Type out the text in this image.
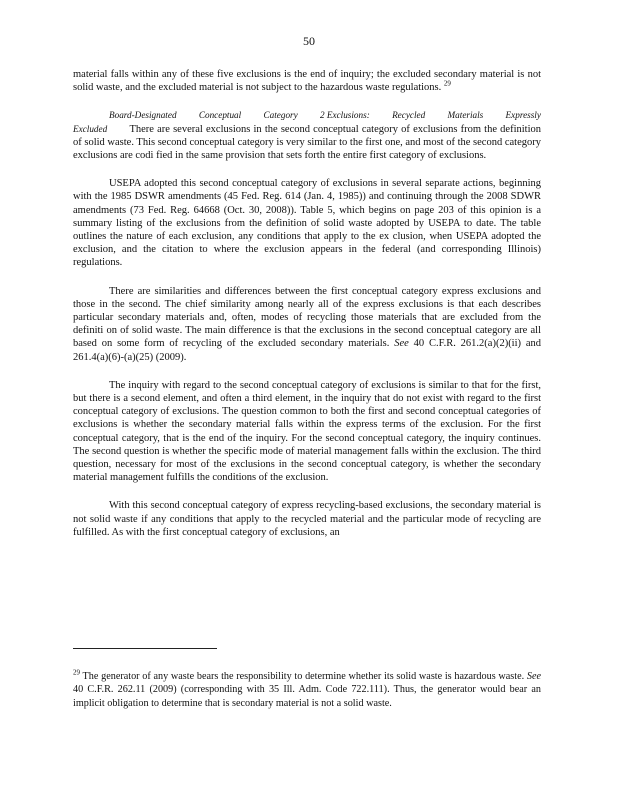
50

material falls within any of these five exclusions is the end of inquiry; the excluded secondary material is not solid waste, and the excluded material is not subject to the hazardous waste regulations. $^{29}$

Board-Designated Conceptual Category 2 Exclusions: Recycled Materials Expressly

Excluded There are several exclusions in the second conceptual category of exclusions from the definition of solid waste. This second conceptual category is very similar to the first one, and most of the second category exclusions are codi fied in the same provision that sets forth the entire first category of exclusions.

USEPA adopted this second conceptual category of exclusions in several separate actions, beginning with the 1985 DSWR amendments (45 Fed. Reg. 614 (Jan. 4, 1985)) and continuing through the 2008 SDWR amendments (73 Fed. Reg. 64668 (Oct. 30, 2008)). Table 5, which begins on page 203 of this opinion is a summary listing of the exclusions from the definition of solid waste adopted by USEPA to date. The table outlines the nature of each exclusion, any conditions that apply to the ex clusion, when USEPA adopted the exclusion, and the citation to where the exclusion appears in the federal (and corresponding Illinois) regulations.

There are similarities and differences between the first conceptual category express exclusions and those in the second. The chief similarity among nearly all of the express exclusions is that each describes particular secondary materials and, often, modes of recycling those materials that are excluded from the definiti on of solid waste. The main difference is that the exclusions in the second conceptual category are all based on some form of recycling of the excluded secondary materials. See 40 C.F.R. 261.2(a)(2)(ii) and 261.4(a)(6)-(a)(25) (2009).

The inquiry with regard to the second conceptual category of exclusions is similar to that for the first, but there is a second element, and often a third element, in the inquiry that do not exist with regard to the first conceptual category of exclusions. The question common to both the first and second conceptual categories of exclusions is whether the secondary material falls within the express terms of the exclusion. For the first conceptual category, that is the end of the inquiry. For the second conceptual category, the inquiry continues. The second question is whether the specific mode of material management falls within the exclusion. The third question, necessary for most of the exclusions in the second conceptual category, is whether the secondary material management fulfills the conditions of the exclusion.

With this second conceptual category of express recycling-based exclusions, the secondary material is not solid waste if any conditions that apply to the recycled material and the particular mode of recycling are fulfilled. As with the first conceptual category of exclusions, an

$^{29}$ The generator of any waste bears the responsibility to determine whether its solid waste is hazardous waste. See 40 C.F.R. 262.11 (2009) (corresponding with 35 Ill. Adm. Code 722.111). Thus, the generator would bear an implicit obligation to determine that is secondary material is not a solid waste.
